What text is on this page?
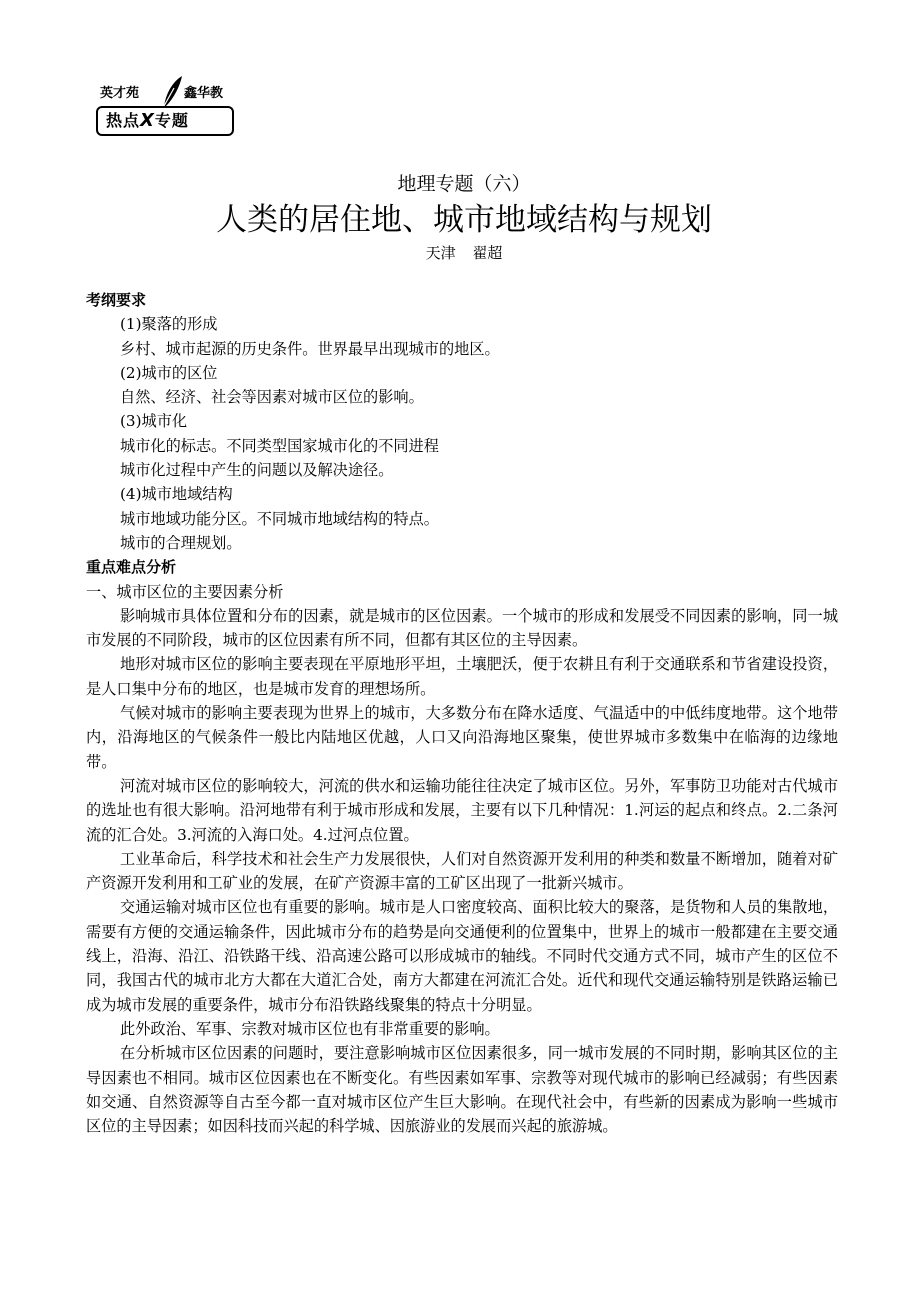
英才苑	鑫华教
热点X专题
地理专题（六）
人类的居住地、城市地域结构与规划
天津 翟超
考纲要求
(1)聚落的形成
乡村、城市起源的历史条件。世界最早出现城市的地区。
(2)城市的区位
自然、经济、社会等因素对城市区位的影响。
(3)城市化
城市化的标志。不同类型国家城市化的不同进程
城市化过程中产生的问题以及解决途径。
(4)城市地域结构
城市地域功能分区。不同城市地域结构的特点。
城市的合理规划。
重点难点分析
一、城市区位的主要因素分析
影响城市具体位置和分布的因素，就是城市的区位因素。一个城市的形成和发展受不同因素的影响，同一城市发展的不同阶段，城市的区位因素有所不同，但都有其区位的主导因素。
地形对城市区位的影响主要表现在平原地形平坦，土壤肥沃，便于农耕且有利于交通联系和节省建设投资，是人口集中分布的地区，也是城市发育的理想场所。
气候对城市的影响主要表现为世界上的城市，大多数分布在降水适度、气温适中的中低纬度地带。这个地带内，沿海地区的气候条件一般比内陆地区优越，人口又向沿海地区聚集，使世界城市多数集中在临海的边缘地带。
河流对城市区位的影响较大，河流的供水和运输功能往往决定了城市区位。另外，军事防卫功能对古代城市的选址也有很大影响。沿河地带有利于城市形成和发展，主要有以下几种情况：1.河运的起点和终点。2.二条河流的汇合处。3.河流的入海口处。4.过河点位置。
工业革命后，科学技术和社会生产力发展很快，人们对自然资源开发利用的种类和数量不断增加，随着对矿产资源开发利用和工矿业的发展，在矿产资源丰富的工矿区出现了一批新兴城市。
交通运输对城市区位也有重要的影响。城市是人口密度较高、面积比较大的聚落，是货物和人员的集散地，需要有方便的交通运输条件，因此城市分布的趋势是向交通便利的位置集中，世界上的城市一般都建在主要交通线上，沿海、沿江、沿铁路干线、沿高速公路可以形成城市的轴线。不同时代交通方式不同，城市产生的区位不同，我国古代的城市北方大都在大道汇合处，南方大都建在河流汇合处。近代和现代交通运输特别是铁路运输已成为城市发展的重要条件，城市分布沿铁路线聚集的特点十分明显。
此外政治、军事、宗教对城市区位也有非常重要的影响。
在分析城市区位因素的问题时，要注意影响城市区位因素很多，同一城市发展的不同时期，影响其区位的主导因素也不相同。城市区位因素也在不断变化。有些因素如军事、宗教等对现代城市的影响已经减弱；有些因素如交通、自然资源等自古至今都一直对城市区位产生巨大影响。在现代社会中，有些新的因素成为影响一些城市区位的主导因素；如因科技而兴起的科学城、因旅游业的发展而兴起的旅游城。
